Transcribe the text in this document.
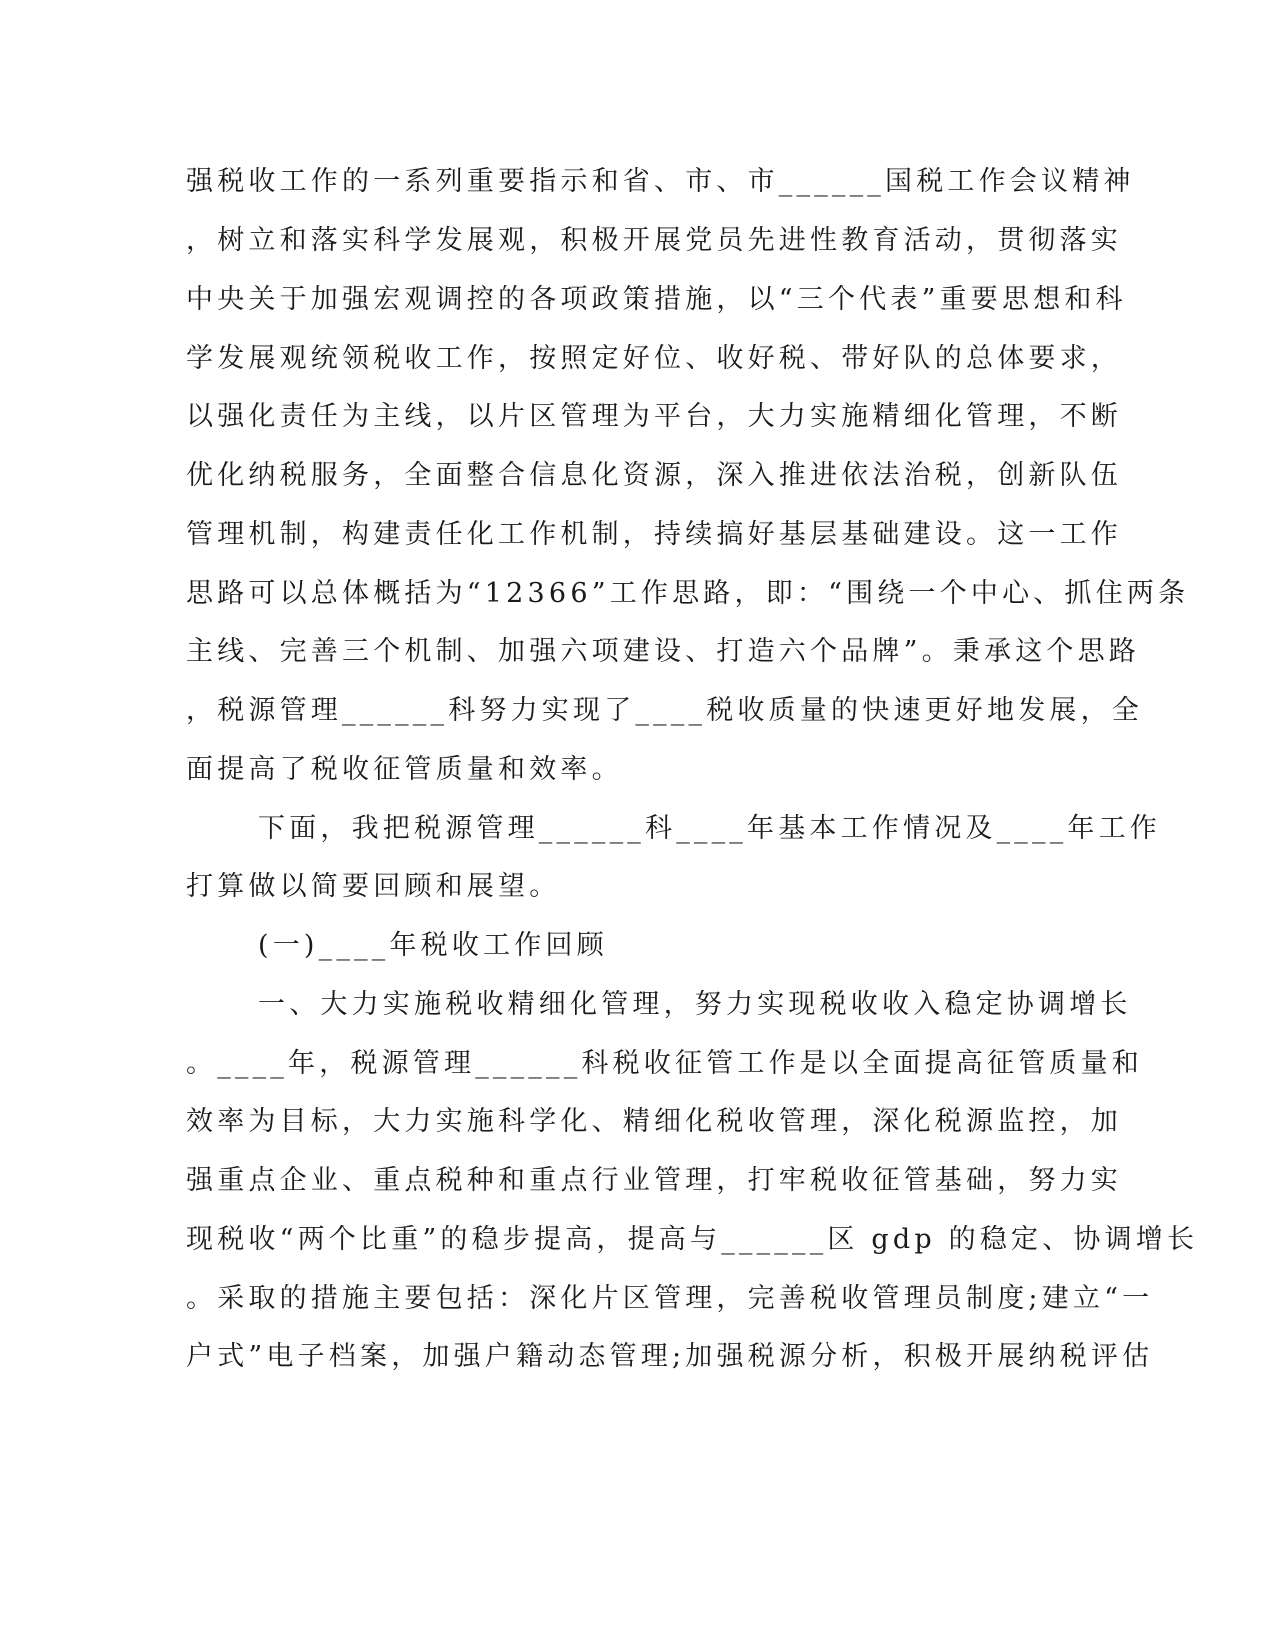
强税收工作的一系列重要指示和省、市、市______国税工作会议精神
，树立和落实科学发展观，积极开展党员先进性教育活动，贯彻落实
中央关于加强宏观调控的各项政策措施，以“三个代表”重要思想和科
学发展观统领税收工作，按照定好位、收好税、带好队的总体要求，
以强化责任为主线，以片区管理为平台，大力实施精细化管理，不断
优化纳税服务，全面整合信息化资源，深入推进依法治税，创新队伍
管理机制，构建责任化工作机制，持续搞好基层基础建设。这一工作
思路可以总体概括为“12366”工作思路，即：“围绕一个中心、抓住两条
主线、完善三个机制、加强六项建设、打造六个品牌”。秉承这个思路
，税源管理______科努力实现了____税收质量的快速更好地发展，全
面提高了税收征管质量和效率。
下面，我把税源管理______科____年基本工作情况及____年工作
打算做以简要回顾和展望。
(一)____年税收工作回顾
一、大力实施税收精细化管理，努力实现税收收入稳定协调增长
。____年，税源管理______科税收征管工作是以全面提高征管质量和
效率为目标，大力实施科学化、精细化税收管理，深化税源监控，加
强重点企业、重点税种和重点行业管理，打牢税收征管基础，努力实
现税收“两个比重”的稳步提高，提高与______区 gdp 的稳定、协调增长
。采取的措施主要包括：深化片区管理，完善税收管理员制度;建立“一
户式”电子档案，加强户籍动态管理;加强税源分析，积极开展纳税评估
